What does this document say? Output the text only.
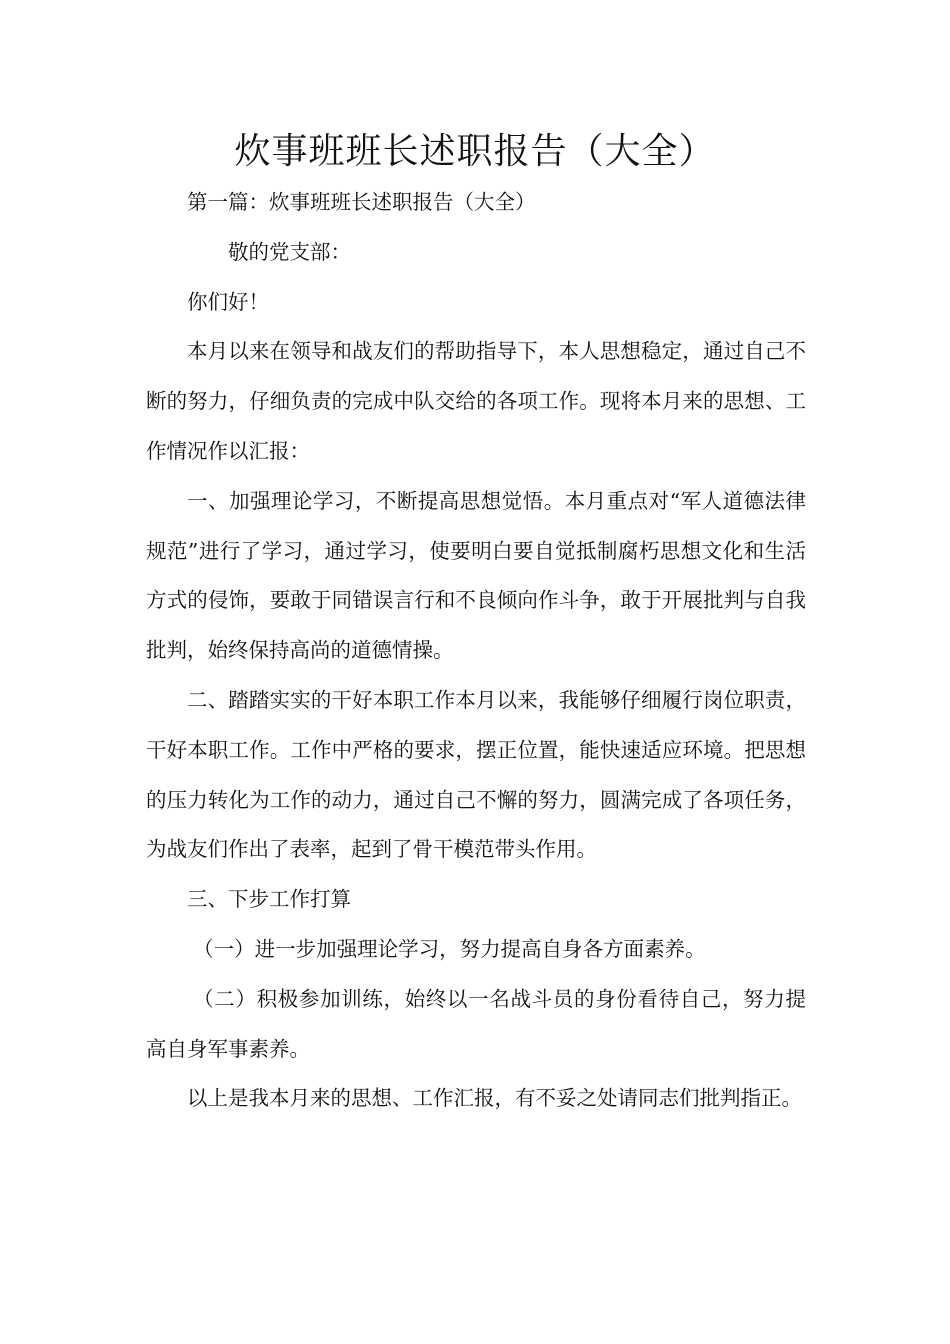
炊事班班长述职报告（大全）

第一篇：炊事班班长述职报告（大全）

敬的党支部：

你们好！

本月以来在领导和战友们的帮助指导下，本人思想稳定，通过自己不断的努力，仔细负责的完成中队交给的各项工作。现将本月来的思想、工作情况作以汇报：

一、加强理论学习，不断提高思想觉悟。本月重点对“军人道德法律规范”进行了学习，通过学习，使要明白要自觉抵制腐朽思想文化和生活方式的侵饰，要敢于同错误言行和不良倾向作斗争，敢于开展批判与自我批判，始终保持高尚的道德情操。

二、踏踏实实的干好本职工作本月以来，我能够仔细履行岗位职责，干好本职工作。工作中严格的要求，摆正位置，能快速适应环境。把思想的压力转化为工作的动力，通过自己不懈的努力，圆满完成了各项任务，为战友们作出了表率，起到了骨干模范带头作用。

三、下步工作打算

（一）进一步加强理论学习，努力提高自身各方面素养。

（二）积极参加训练，始终以一名战斗员的身份看待自己，努力提高自身军事素养。

以上是我本月来的思想、工作汇报，有不妥之处请同志们批判指正。
